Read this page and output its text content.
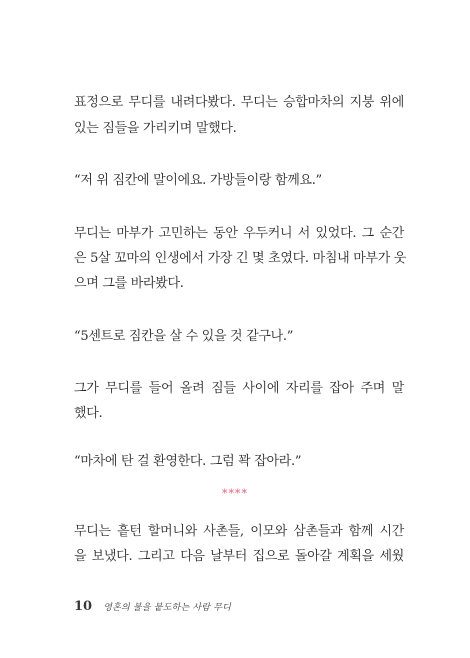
표정으로 무디를 내려다봤다. 무디는 승합마차의 지붕 위에
있는 짐들을 가리키며 말했다.
“저 위 짐칸에 말이에요. 가방들이랑 함께요.”
무디는 마부가 고민하는 동안 우두커니 서 있었다. 그 순간
은 5살 꼬마의 인생에서 가장 긴 몇 초였다. 마침내 마부가 웃
으며 그를 바라봤다.
“5센트로 짐칸을 살 수 있을 것 같구나.”
그가 무디를 들어 올려 짐들 사이에 자리를 잡아 주며 말
했다.
“마차에 탄 걸 환영한다. 그럼 꽉 잡아라.”
****
무디는 흩턴 할머니와 사촌들, 이모와 삼촌들과 함께 시간
을 보냈다. 그리고 다음 날부터 집으로 돌아갈 계획을 세웠
10 영혼의 불을 붙도하는 사람 무디
